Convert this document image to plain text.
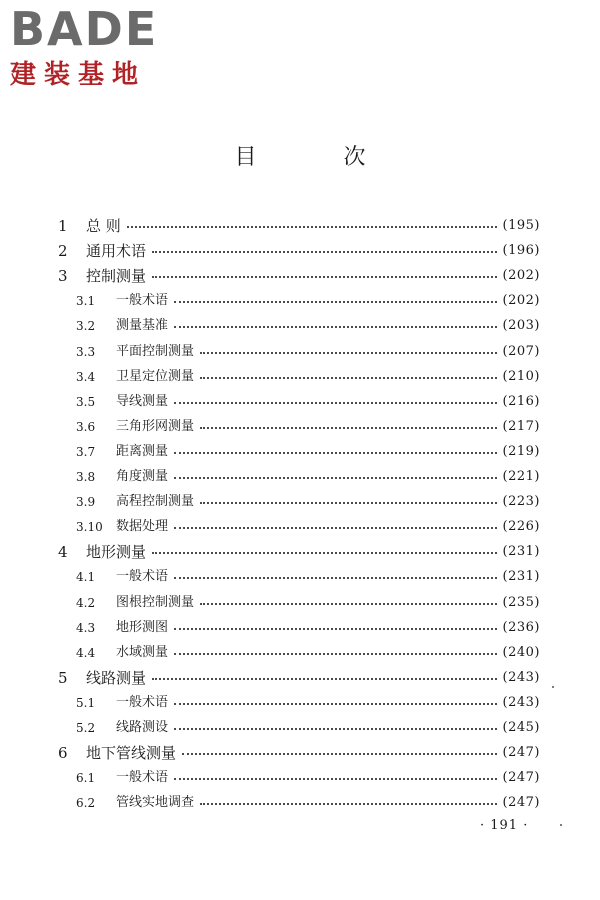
BADE
建装基地
目 次
1	总 则	(195)
2	通用术语	(196)
3	控制测量	(202)
3.1	一般术语	(202)
3.2	测量基准	(203)
3.3	平面控制测量	(207)
3.4	卫星定位测量	(210)
3.5	导线测量	(216)
3.6	三角形网测量	(217)
3.7	距离测量	(219)
3.8	角度测量	(221)
3.9	高程控制测量	(223)
3.10	数据处理	(226)
4	地形测量	(231)
4.1	一般术语	(231)
4.2	图根控制测量	(235)
4.3	地形测图	(236)
4.4	水域测量	(240)
5	线路测量	(243)
5.1	一般术语	(243)
5.2	线路测设	(245)
6	地下管线测量	(247)
6.1	一般术语	(247)
6.2	管线实地调查	(247)
· 191 ·
